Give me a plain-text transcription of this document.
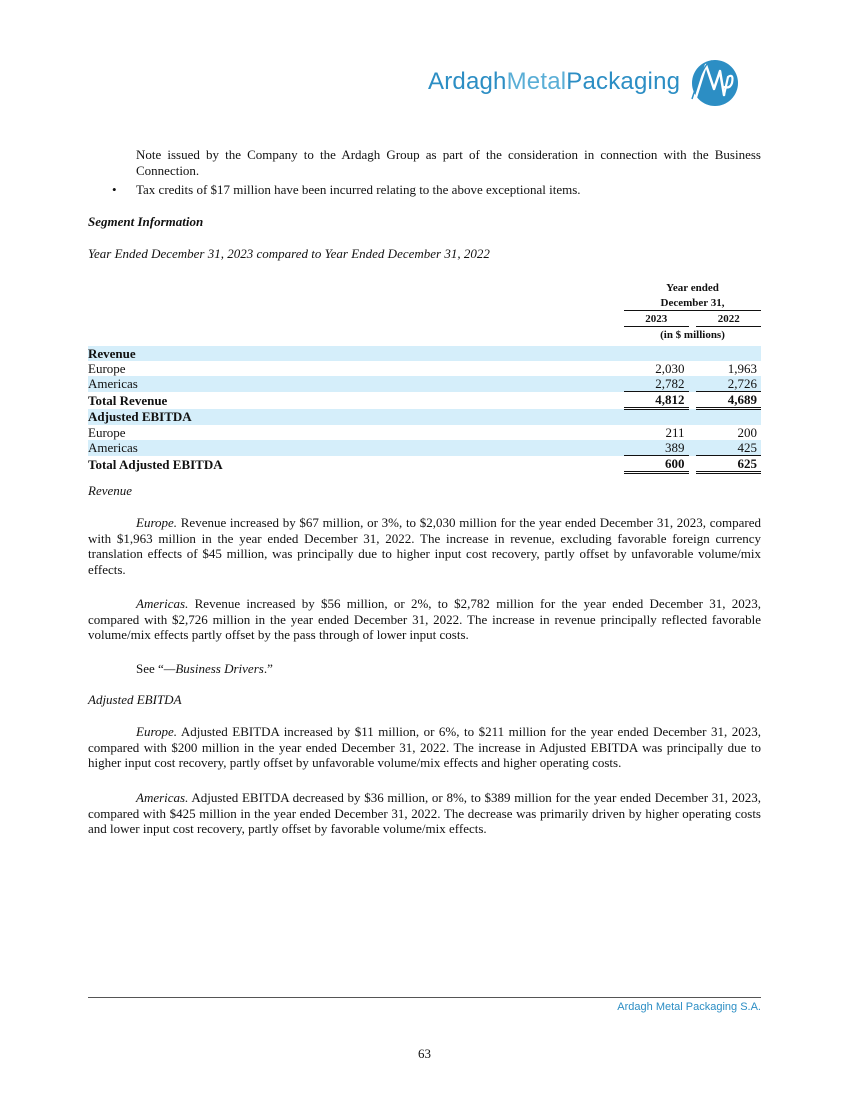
ArdaghMetalPackaging

Note issued by the Company to the Ardagh Group as part of the consideration in connection with the Business Connection.

•	Tax credits of $17 million have been incurred relating to the above exceptional items.
Segment Information
Year Ended December 31, 2023 compared to Year Ended December 31, 2022
		Year ended		
		December 31,		
		2023		2022
		(in $ millions)		

Revenue				
Europe		2,030		1,963
Americas		2,782		2,726
Total Revenue		4,812		4,689
Adjusted EBITDA				
Europe		211		200
Americas		389		425
Total Adjusted EBITDA		600		625
Revenue

Europe. Revenue increased by $67 million, or 3%, to $2,030 million for the year ended December 31, 2023, compared with $1,963 million in the year ended December 31, 2022. The increase in revenue, excluding favorable foreign currency translation effects of $45 million, was principally due to higher input cost recovery, partly offset by unfavorable volume/mix effects.

Americas. Revenue increased by $56 million, or 2%, to $2,782 million for the year ended December 31, 2023, compared with $2,726 million in the year ended December 31, 2022. The increase in revenue principally reflected favorable volume/mix effects partly offset by the pass through of lower input costs.

See “—Business Drivers.”

Adjusted EBITDA

Europe. Adjusted EBITDA increased by $11 million, or 6%, to $211 million for the year ended December 31, 2023, compared with $200 million in the year ended December 31, 2022. The increase in Adjusted EBITDA was principally due to higher input cost recovery, partly offset by unfavorable volume/mix effects and higher operating costs.

Americas. Adjusted EBITDA decreased by $36 million, or 8%, to $389 million for the year ended December 31, 2023, compared with $425 million in the year ended December 31, 2022. The decrease was primarily driven by higher operating costs and lower input cost recovery, partly offset by favorable volume/mix effects.

Ardagh Metal Packaging S.A.
63
